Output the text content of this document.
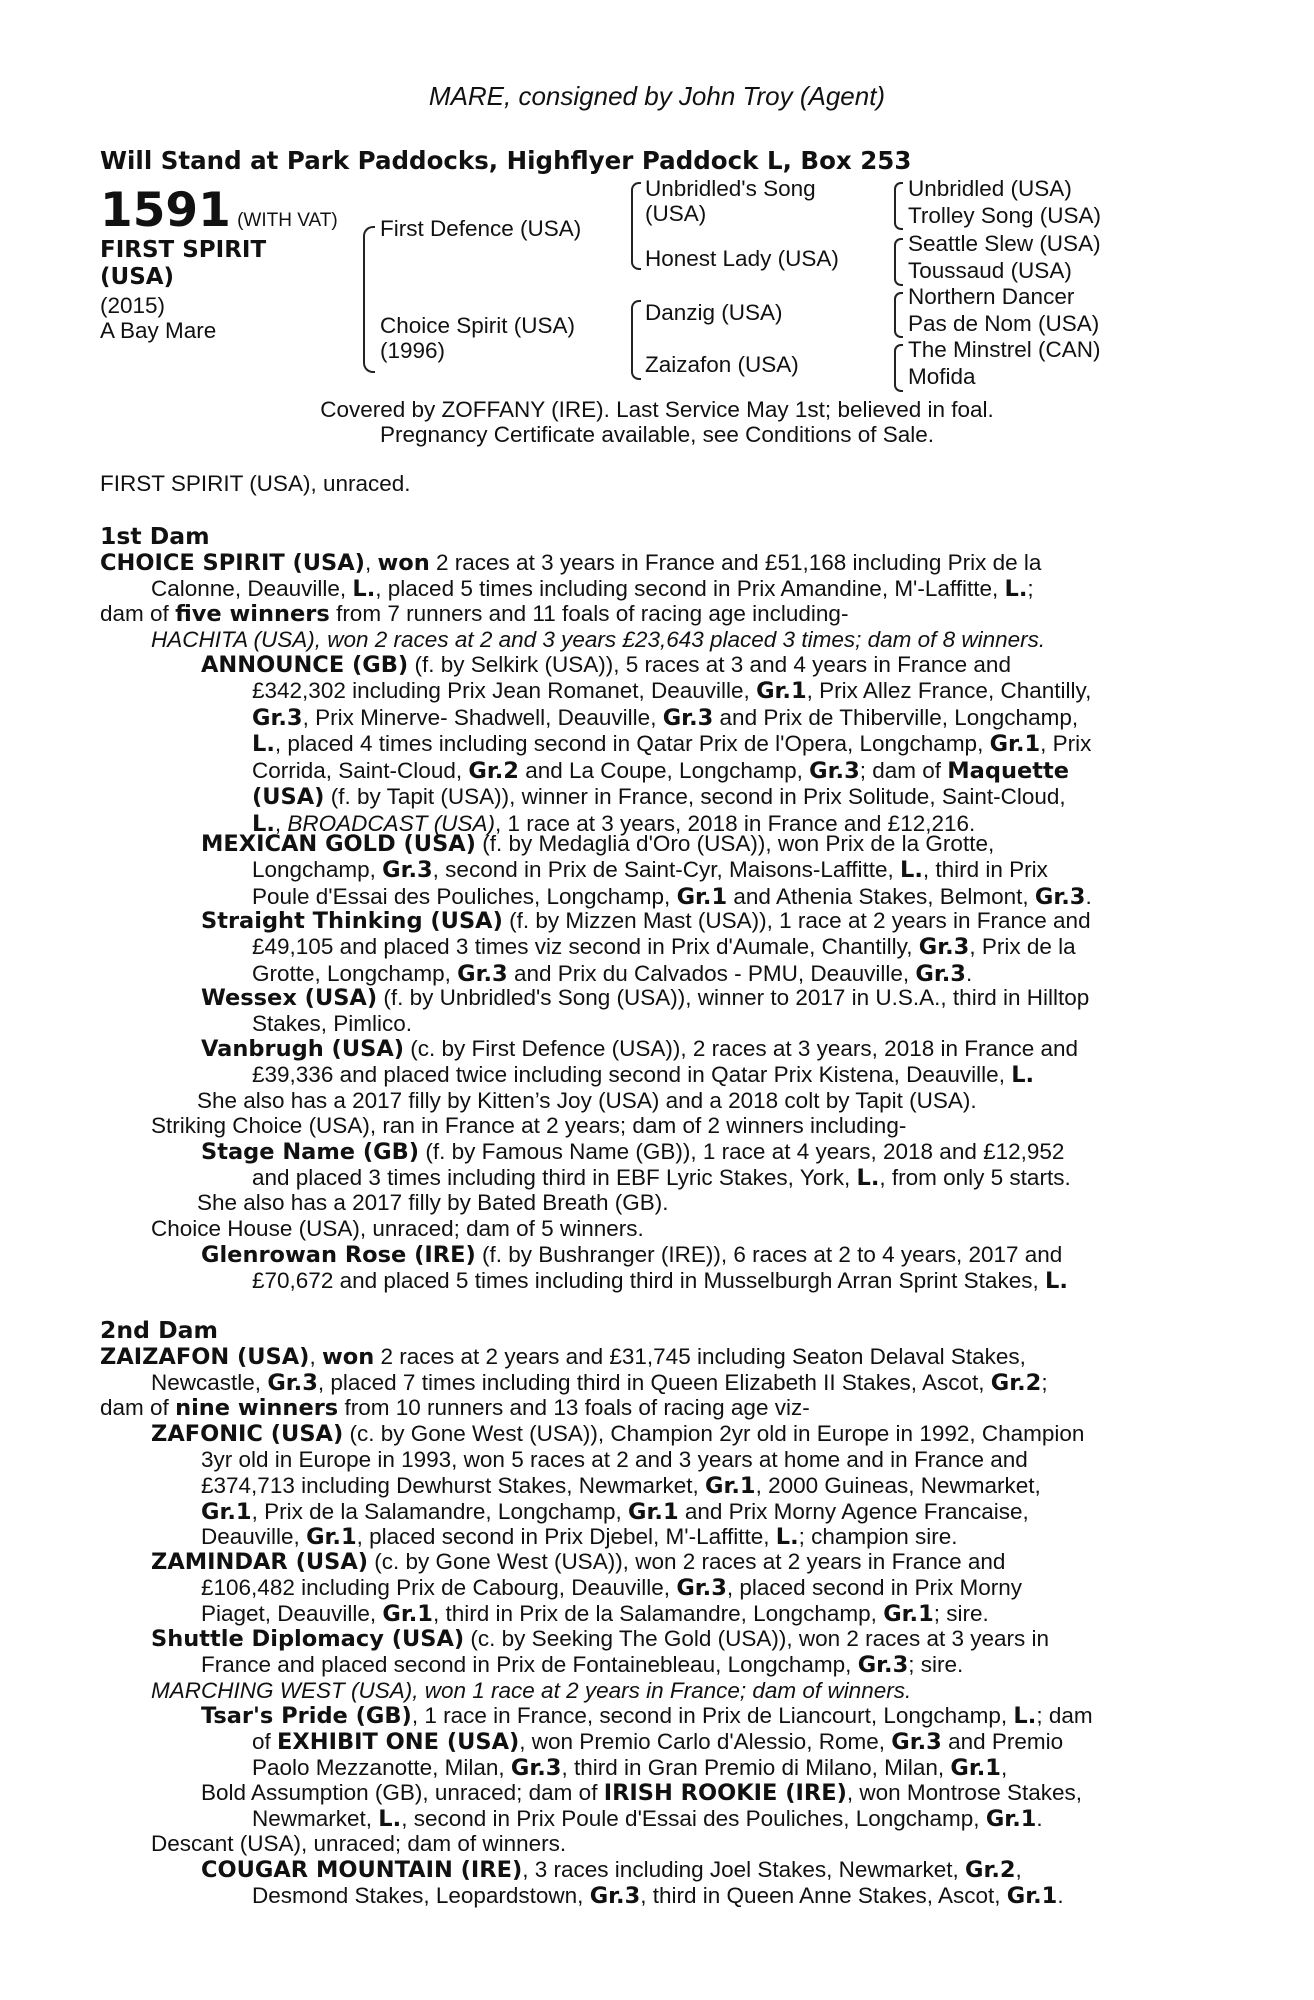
MARE, consigned by John Troy (Agent)
Will Stand at Park Paddocks, Highflyer Paddock L, Box 253
1591 (WITH VAT)
FIRST SPIRIT
(USA)
(2015)
A Bay Mare
First Defence (USA)
Choice Spirit (USA)
(1996)
Unbridled's Song
(USA)
Honest Lady (USA)
Danzig (USA)
Zaizafon (USA)
Unbridled (USA)
Trolley Song (USA)
Seattle Slew (USA)
Toussaud (USA)
Northern Dancer
Pas de Nom (USA)
The Minstrel (CAN)
Mofida
Covered by ZOFFANY (IRE). Last Service May 1st; believed in foal.
Pregnancy Certificate available, see Conditions of Sale.
FIRST SPIRIT (USA), unraced.
1st Dam
CHOICE SPIRIT (USA), won 2 races at 3 years in France and £51,168 including Prix de la
Calonne, Deauville, L., placed 5 times including second in Prix Amandine, M'-Laffitte, L.;
dam of five winners from 7 runners and 11 foals of racing age including-
HACHITA (USA), won 2 races at 2 and 3 years £23,643 placed 3 times; dam of 8 winners.
ANNOUNCE (GB) (f. by Selkirk (USA)), 5 races at 3 and 4 years in France and
£342,302 including Prix Jean Romanet, Deauville, Gr.1, Prix Allez France, Chantilly,
Gr.3, Prix Minerve- Shadwell, Deauville, Gr.3 and Prix de Thiberville, Longchamp,
L., placed 4 times including second in Qatar Prix de l'Opera, Longchamp, Gr.1, Prix
Corrida, Saint-Cloud, Gr.2 and La Coupe, Longchamp, Gr.3; dam of Maquette
(USA) (f. by Tapit (USA)), winner in France, second in Prix Solitude, Saint-Cloud,
L., BROADCAST (USA), 1 race at 3 years, 2018 in France and £12,216.
MEXICAN GOLD (USA) (f. by Medaglia d'Oro (USA)), won Prix de la Grotte,
Longchamp, Gr.3, second in Prix de Saint-Cyr, Maisons-Laffitte, L., third in Prix
Poule d'Essai des Pouliches, Longchamp, Gr.1 and Athenia Stakes, Belmont, Gr.3.
Straight Thinking (USA) (f. by Mizzen Mast (USA)), 1 race at 2 years in France and
£49,105 and placed 3 times viz second in Prix d'Aumale, Chantilly, Gr.3, Prix de la
Grotte, Longchamp, Gr.3 and Prix du Calvados - PMU, Deauville, Gr.3.
Wessex (USA) (f. by Unbridled's Song (USA)), winner to 2017 in U.S.A., third in Hilltop
Stakes, Pimlico.
Vanbrugh (USA) (c. by First Defence (USA)), 2 races at 3 years, 2018 in France and
£39,336 and placed twice including second in Qatar Prix Kistena, Deauville, L.
She also has a 2017 filly by Kitten’s Joy (USA) and a 2018 colt by Tapit (USA).
Striking Choice (USA), ran in France at 2 years; dam of 2 winners including-
Stage Name (GB) (f. by Famous Name (GB)), 1 race at 4 years, 2018 and £12,952
and placed 3 times including third in EBF Lyric Stakes, York, L., from only 5 starts.
She also has a 2017 filly by Bated Breath (GB).
Choice House (USA), unraced; dam of 5 winners.
Glenrowan Rose (IRE) (f. by Bushranger (IRE)), 6 races at 2 to 4 years, 2017 and
£70,672 and placed 5 times including third in Musselburgh Arran Sprint Stakes, L.
2nd Dam
ZAIZAFON (USA), won 2 races at 2 years and £31,745 including Seaton Delaval Stakes,
Newcastle, Gr.3, placed 7 times including third in Queen Elizabeth II Stakes, Ascot, Gr.2;
dam of nine winners from 10 runners and 13 foals of racing age viz-
ZAFONIC (USA) (c. by Gone West (USA)), Champion 2yr old in Europe in 1992, Champion
3yr old in Europe in 1993, won 5 races at 2 and 3 years at home and in France and
£374,713 including Dewhurst Stakes, Newmarket, Gr.1, 2000 Guineas, Newmarket,
Gr.1, Prix de la Salamandre, Longchamp, Gr.1 and Prix Morny Agence Francaise,
Deauville, Gr.1, placed second in Prix Djebel, M'-Laffitte, L.; champion sire.
ZAMINDAR (USA) (c. by Gone West (USA)), won 2 races at 2 years in France and
£106,482 including Prix de Cabourg, Deauville, Gr.3, placed second in Prix Morny
Piaget, Deauville, Gr.1, third in Prix de la Salamandre, Longchamp, Gr.1; sire.
Shuttle Diplomacy (USA) (c. by Seeking The Gold (USA)), won 2 races at 3 years in
France and placed second in Prix de Fontainebleau, Longchamp, Gr.3; sire.
MARCHING WEST (USA), won 1 race at 2 years in France; dam of winners.
Tsar's Pride (GB), 1 race in France, second in Prix de Liancourt, Longchamp, L.; dam
of EXHIBIT ONE (USA), won Premio Carlo d'Alessio, Rome, Gr.3 and Premio
Paolo Mezzanotte, Milan, Gr.3, third in Gran Premio di Milano, Milan, Gr.1,
Bold Assumption (GB), unraced; dam of IRISH ROOKIE (IRE), won Montrose Stakes,
Newmarket, L., second in Prix Poule d'Essai des Pouliches, Longchamp, Gr.1.
Descant (USA), unraced; dam of winners.
COUGAR MOUNTAIN (IRE), 3 races including Joel Stakes, Newmarket, Gr.2,
Desmond Stakes, Leopardstown, Gr.3, third in Queen Anne Stakes, Ascot, Gr.1.
